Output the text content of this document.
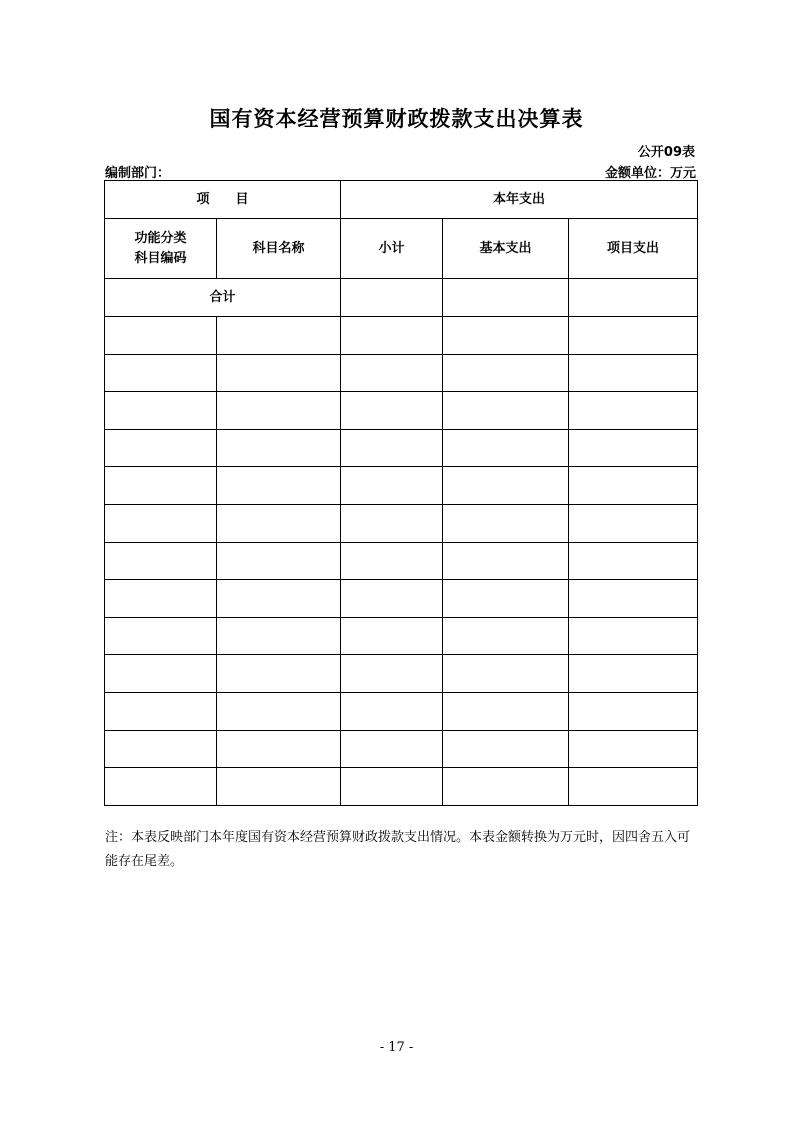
国有资本经营预算财政拨款支出决算表
公开09表
编制部门：	金额单位：万元
项　　目		本年支出		

功能分类
科目编码	科目名称	小计	基本支出	项目支出
合计				

注：本表反映部门本年度国有资本经营预算财政拨款支出情况。本表金额转换为万元时，因四舍五入可能存在尾差。
- 17 -
